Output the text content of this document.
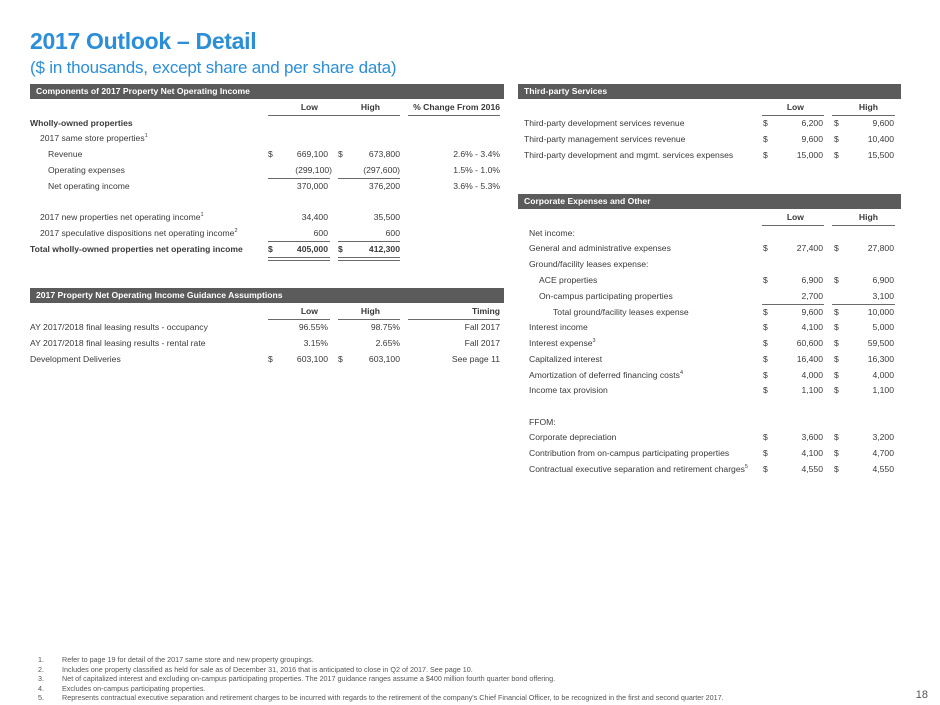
2017 Outlook – Detail
($ in thousands, except share and per share data)
Components of 2017 Property Net Operating Income
Low	High	% Change From 2016
Wholly-owned properties
2017 same store properties$^1$
Revenue	$	669,100 $	673,800	2.6% - 3.4%
Operating expenses	(299,100)	(297,600)	1.5% - 1.0%
Net operating income	370,000	376,200	3.6% - 5.3%
2017 new properties net operating income$^1$	34,400	35,500
2017 speculative dispositions net operating income$^2$	600	600
Total wholly-owned properties net operating income	$	405,000 $	412,300
2017 Property Net Operating Income Guidance Assumptions
Low	High	Timing
AY 2017/2018 final leasing results - occupancy	96.55%	98.75%	Fall 2017
AY 2017/2018 final leasing results - rental rate	3.15%	2.65%	Fall 2017
Development Deliveries	$	603,100 $	603,100	See page 11
Third-party Services
Low	High
Third-party development services revenue	$	6,200 $	9,600
Third-party management services revenue	$	9,600 $	10,400
Third-party development and mgmt. services expenses	$	15,000 $	15,500
Corporate Expenses and Other
Low	High
Net income:
General and administrative expenses	$	27,400 $	27,800
Ground/facility leases expense:
ACE properties	$	6,900 $	6,900
On-campus participating properties	2,700	3,100
Total ground/facility leases expense	$	9,600 $	10,000
Interest income	$	4,100 $	5,000
Interest expense$^3$	$	60,600 $	59,500
Capitalized interest	$	16,400 $	16,300
Amortization of deferred financing costs$^4$	$	4,000 $	4,000
Income tax provision	$	1,100 $	1,100
FFOM:
Corporate depreciation	$	3,600 $	3,200
Contribution from on-campus participating properties	$	4,100 $	4,700
Contractual executive separation and retirement charges$^5$ $	4,550 $	4,550
1.	Refer to page 19 for detail of the 2017 same store and new property groupings.
2.	Includes one property classified as held for sale as of December 31, 2016 that is anticipated to close in Q2 of 2017. See page 10.
3.	Net of capitalized interest and excluding on-campus participating properties. The 2017 guidance ranges assume a $400 million fourth quarter bond offering.
4.	Excludes on-campus participating properties.
5.	Represents contractual executive separation and retirement charges to be incurred with regards to the retirement of the company's Chief Financial Officer, to be recognized in the first and second quarter 2017.	18
